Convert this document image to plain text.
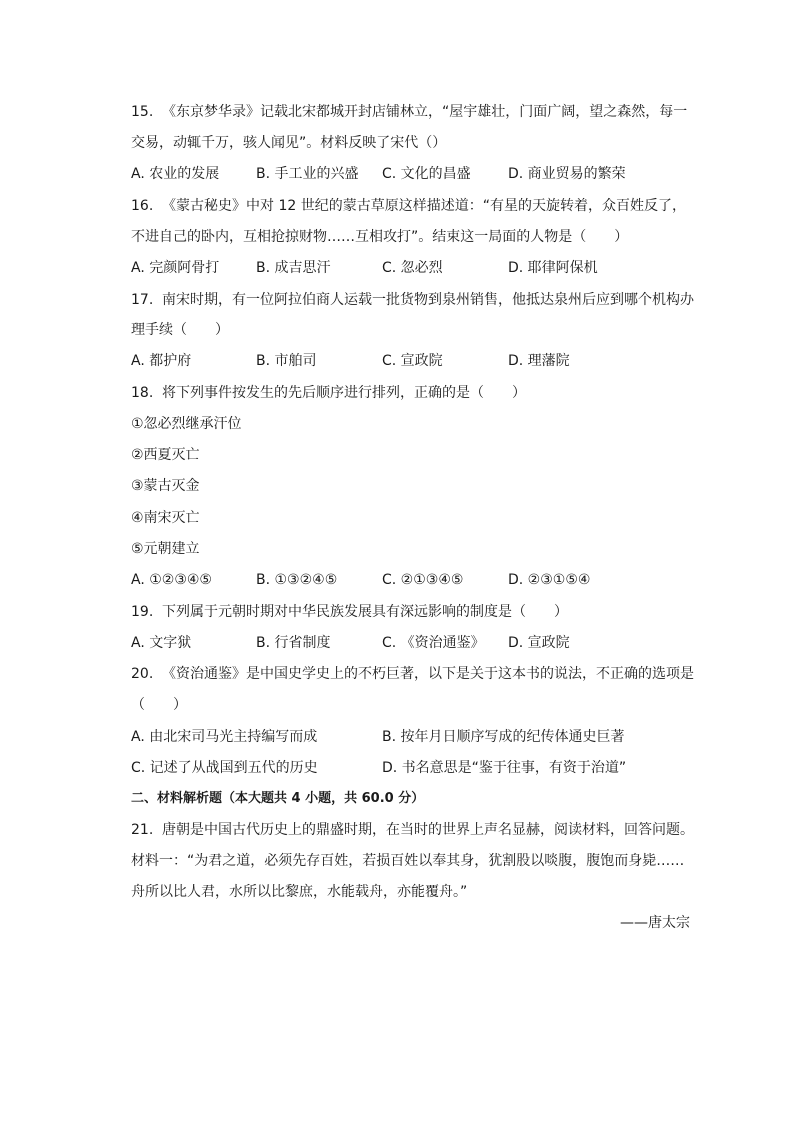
15. 《东京梦华录》记载北宋都城开封店铺林立，“屋宇雄壮，门面广阔，望之森然，每一
交易，动辄千万，骇人闻见”。材料反映了宋代（）
A. 农业的发展	B. 手工业的兴盛 C. 文化的昌盛	D. 商业贸易的繁荣
16. 《蒙古秘史》中对 12 世纪的蒙古草原这样描述道：“有星的天旋转着，众百姓反了，
不进自己的卧内，互相抢掠财物……互相攻打”。结束这一局面的人物是（　　）
A. 完颜阿骨打	B. 成吉思汗	C. 忽必烈	D. 耶律阿保机
17. 南宋时期，有一位阿拉伯商人运载一批货物到泉州销售，他抵达泉州后应到哪个机构办
理手续（　　）
A. 都护府	B. 市舶司	C. 宣政院	D. 理藩院
18. 将下列事件按发生的先后顺序进行排列，正确的是（　　）
①忽必烈继承汗位
②西夏灭亡
③蒙古灭金
④南宋灭亡
⑤元朝建立
A. ①②③④⑤	B. ①③②④⑤	C. ②①③④⑤	D. ②③①⑤④
19. 下列属于元朝时期对中华民族发展具有深远影响的制度是（　　）
A. 文字狱	B. 行省制度	C. 《资治通鉴》 D. 宣政院
20. 《资治通鉴》是中国史学史上的不朽巨著，以下是关于这本书的说法，不正确的选项是
（　　）
A. 由北宋司马光主持编写而成	B. 按年月日顺序写成的纪传体通史巨著
C. 记述了从战国到五代的历史	D. 书名意思是“鉴于往事，有资于治道”
二、材料解析题（本大题共 4 小题，共 60.0 分）
21. 唐朝是中国古代历史上的鼎盛时期，在当时的世界上声名显赫，阅读材料，回答问题。
材料一：“为君之道，必须先存百姓，若损百姓以奉其身，犹割股以啖腹，腹饱而身毙……
舟所以比人君，水所以比黎庶，水能载舟，亦能覆舟。”
——唐太宗
